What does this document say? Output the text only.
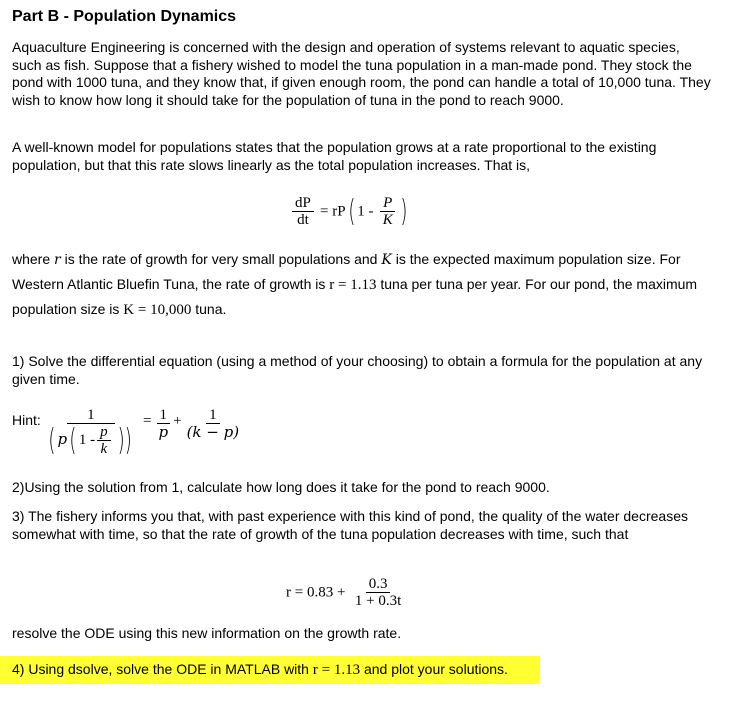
Part B - Population Dynamics
Aquaculture Engineering is concerned with the design and operation of systems relevant to aquatic species, such as fish. Suppose that a fishery wished to model the tuna population in a man-made pond. They stock the pond with 1000 tuna, and they know that, if given enough room, the pond can handle a total of 10,000 tuna. They wish to know how long it should take for the population of tuna in the pond to reach 9000.
A well-known model for populations states that the population grows at a rate proportional to the existing population, but that this rate slows linearly as the total population increases. That is,
$\frac{dP}{dt} = rP$( $1 - \frac{P}{K}$ )
where r is the rate of growth for very small populations and K is the expected maximum population size. For Western Atlantic Bluefin Tuna, the rate of growth is r = 1.13 tuna per tuna per year. For our pond, the maximum population size is K = 10,000 tuna.
1) Solve the differential equation (using a method of your choosing) to obtain a formula for the population at any given time.
Hint: $\frac{1}{( p( 1 - \frac{p}{k} ))} = \frac{1}{p} + \frac{1}{(k - p)}$
2)Using the solution from 1, calculate how long does it take for the pond to reach 9000.
3) The fishery informs you that, with past experience with this kind of pond, the quality of the water decreases somewhat with time, so that the rate of growth of the tuna population decreases with time, such that
$r = 0.83 + \frac{0.3}{1 + 0.3t}$
resolve the ODE using this new information on the growth rate.
4) Using dsolve, solve the ODE in MATLAB with r = 1.13 and plot your solutions.
